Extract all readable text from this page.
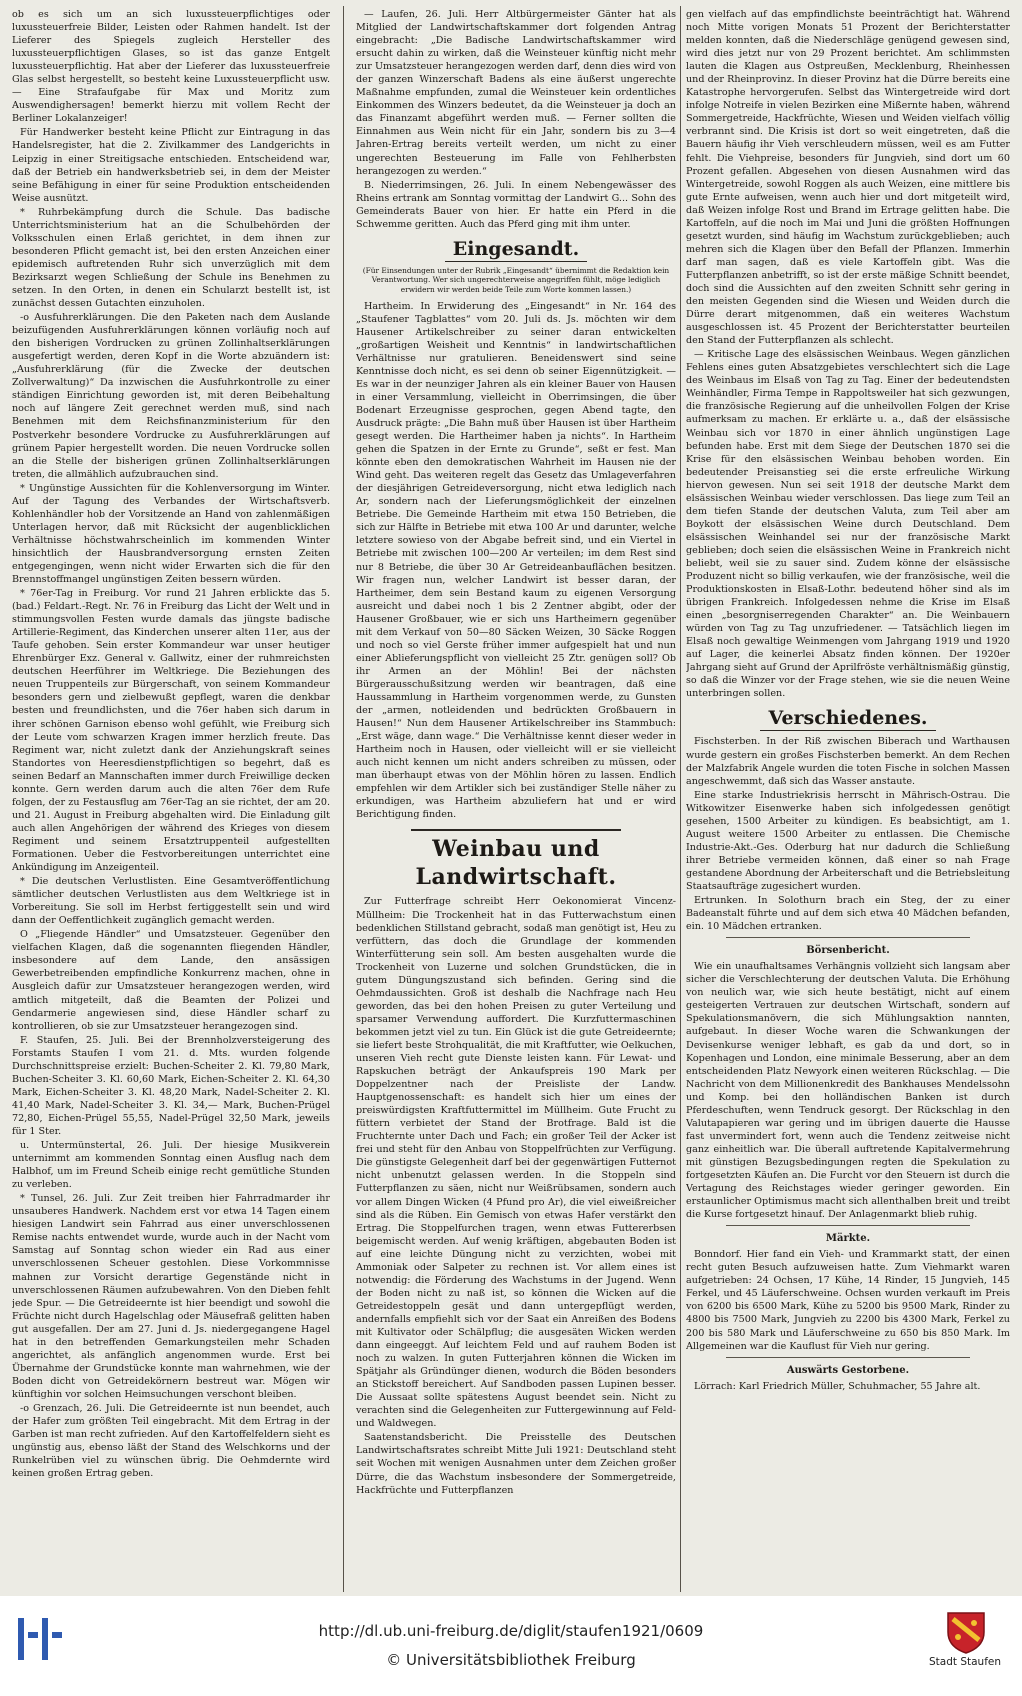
ob es sich um an sich luxussteuerpflichtiges oder luxussteuerfreie Bilder, Leisten oder Rahmen handelt. Ist der Lieferer des Spiegels zugleich Hersteller des luxussteuerpflichtigen Glases, so ist das ganze Entgelt luxussteuerpflichtig. Hat aber der Lieferer das luxussteuerfreie Glas selbst hergestellt, so besteht keine Luxussteuerpflicht usw. — Eine Strafaufgabe für Max und Moritz zum Auswendighersagen! bemerkt hierzu mit vollem Recht der Berliner Lokalanzeiger!

Für Handwerker besteht keine Pflicht zur Eintragung in das Handelsregister, hat die 2. Zivilkammer des Landgerichts in Leipzig in einer Streitigsache entschieden. Entscheidend war, daß der Betrieb ein handwerksbetrieb sei, in dem der Meister seine Befähigung in einer für seine Produktion entscheidenden Weise ausnützt.

* Ruhrbekämpfung durch die Schule. Das badische Unterrichtsministerium hat an die Schulbehörden der Volksschulen einen Erlaß gerichtet, in dem ihnen zur besonderen Pflicht gemacht ist, bei den ersten Anzeichen einer epidemisch auftretenden Ruhr sich unverzüglich mit dem Bezirksarzt wegen Schließung der Schule ins Benehmen zu setzen. In den Orten, in denen ein Schularzt bestellt ist, ist zunächst dessen Gutachten einzuholen.

-o Ausfuhrerklärungen. Die den Paketen nach dem Auslande beizufügenden Ausfuhrerklärungen können vorläufig noch auf den bisherigen Vordrucken zu grünen Zollinhaltserklärungen ausgefertigt werden, deren Kopf in die Worte abzuändern ist: „Ausfuhrerklärung (für die Zwecke der deutschen Zollverwaltung)“ Da inzwischen die Ausfuhrkontrolle zu einer ständigen Einrichtung geworden ist, mit deren Beibehaltung noch auf längere Zeit gerechnet werden muß, sind nach Benehmen mit dem Reichsfinanzministerium für den Postverkehr besondere Vordrucke zu Ausfuhrerklärungen auf grünem Papier hergestellt worden. Die neuen Vordrucke sollen an die Stelle der bisherigen grünen Zollinhaltserklärungen treten, die allmählich aufzubrauchen sind.

* Ungünstige Aussichten für die Kohlenversorgung im Winter. Auf der Tagung des Verbandes der Wirtschaftsverb. Kohlenhändler hob der Vorsitzende an Hand von zahlenmäßigen Unterlagen hervor, daß mit Rücksicht der augenblicklichen Verhältnisse höchstwahrscheinlich im kommenden Winter hinsichtlich der Hausbrandversorgung ernsten Zeiten entgegengingen, wenn nicht wider Erwarten sich die für den Brennstoffmangel ungünstigen Zeiten bessern würden.

* 76er-Tag in Freiburg. Vor rund 21 Jahren erblickte das 5. (bad.) Feldart.-Regt. Nr. 76 in Freiburg das Licht der Welt und in stimmungsvollen Festen wurde damals das jüngste badische Artillerie-Regiment, das Kinderchen unserer alten 11er, aus der Taufe gehoben. Sein erster Kommandeur war unser heutiger Ehrenbürger Exz. General v. Gallwitz, einer der ruhmreichsten deutschen Heerführer im Weltkriege. Die Beziehungen des neuen Truppenteils zur Bürgerschaft, von seinem Kommandeur besonders gern und zielbewußt gepflegt, waren die denkbar besten und freundlichsten, und die 76er haben sich darum in ihrer schönen Garnison ebenso wohl gefühlt, wie Freiburg sich der Leute vom schwarzen Kragen immer herzlich freute. Das Regiment war, nicht zuletzt dank der Anziehungskraft seines Standortes von Heeresdienstpflichtigen so begehrt, daß es seinen Bedarf an Mannschaften immer durch Freiwillige decken konnte. Gern werden darum auch die alten 76er dem Rufe folgen, der zu Festausflug am 76er-Tag an sie richtet, der am 20. und 21. August in Freiburg abgehalten wird. Die Einladung gilt auch allen Angehörigen der während des Krieges von diesem Regiment und seinem Ersatztruppenteil aufgestellten Formationen. Ueber die Festvorbereitungen unterrichtet eine Ankündigung im Anzeigenteil.

* Die deutschen Verlustlisten. Eine Gesamtveröffentlichung sämtlicher deutschen Verlustlisten aus dem Weltkriege ist in Vorbereitung. Sie soll im Herbst fertiggestellt sein und wird dann der Oeffentlichkeit zugänglich gemacht werden.

O „Fliegende Händler“ und Umsatzsteuer. Gegenüber den vielfachen Klagen, daß die sogenannten fliegenden Händler, insbesondere auf dem Lande, den ansässigen Gewerbetreibenden empfindliche Konkurrenz machen, ohne in Ausgleich dafür zur Umsatzsteuer herangezogen werden, wird amtlich mitgeteilt, daß die Beamten der Polizei und Gendarmerie angewiesen sind, diese Händler scharf zu kontrollieren, ob sie zur Umsatzsteuer herangezogen sind.

F. Staufen, 25. Juli. Bei der Brennholzversteigerung des Forstamts Staufen I vom 21. d. Mts. wurden folgende Durchschnittspreise erzielt: Buchen-Scheiter 2. Kl. 79,80 Mark, Buchen-Scheiter 3. Kl. 60,60 Mark, Eichen-Scheiter 2. Kl. 64,30 Mark, Eichen-Scheiter 3. Kl. 48,20 Mark, Nadel-Scheiter 2. Kl. 41,40 Mark, Nadel-Scheiter 3. Kl. 34,— Mark, Buchen-Prügel 72,80, Eichen-Prügel 55,55, Nadel-Prügel 32,50 Mark, jeweils für 1 Ster.

u. Untermünstertal, 26. Juli. Der hiesige Musikverein unternimmt am kommenden Sonntag einen Ausflug nach dem Halbhof, um im Freund Scheib einige recht gemütliche Stunden zu verleben.

* Tunsel, 26. Juli. Zur Zeit treiben hier Fahrradmarder ihr unsauberes Handwerk. Nachdem erst vor etwa 14 Tagen einem hiesigen Landwirt sein Fahrrad aus einer unverschlossenen Remise nachts entwendet wurde, wurde auch in der Nacht vom Samstag auf Sonntag schon wieder ein Rad aus einer unverschlossenen Scheuer gestohlen. Diese Vorkommnisse mahnen zur Vorsicht derartige Gegenstände nicht in unverschlossenen Räumen aufzubewahren. Von den Dieben fehlt jede Spur. — Die Getreideernte ist hier beendigt und sowohl die Früchte nicht durch Hagelschlag oder Mäusefraß gelitten haben gut ausgefallen. Der am 27. Juni d. Js. niedergegangene Hagel hat in den betreffenden Gemarkungsteilen mehr Schaden angerichtet, als anfänglich angenommen wurde. Erst bei Übernahme der Grundstücke konnte man wahrnehmen, wie der Boden dicht von Getreidekörnern bestreut war. Mögen wir künftighin vor solchen Heimsuchungen verschont bleiben.

-o Grenzach, 26. Juli. Die Getreideernte ist nun beendet, auch der Hafer zum größten Teil eingebracht. Mit dem Ertrag in der Garben ist man recht zufrieden. Auf den Kartoffelfeldern sieht es ungünstig aus, ebenso läßt der Stand des Welschkorns und der Runkelrüben viel zu wünschen übrig. Die Oehmdernte wird keinen großen Ertrag geben.

— Laufen, 26. Juli. Herr Altbürgermeister Gänter hat als Mitglied der Landwirtschaftskammer dort folgenden Antrag eingebracht: „Die Badische Landwirtschaftskammer wird ersucht dahin zu wirken, daß die Weinsteuer künftig nicht mehr zur Umsatzsteuer herangezogen werden darf, denn dies wird von der ganzen Winzerschaft Badens als eine äußerst ungerechte Maßnahme empfunden, zumal die Weinsteuer kein ordentliches Einkommen des Winzers bedeutet, da die Weinsteuer ja doch an das Finanzamt abgeführt werden muß. — Ferner sollten die Einnahmen aus Wein nicht für ein Jahr, sondern bis zu 3—4 Jahren-Ertrag bereits verteilt werden, um nicht zu einer ungerechten Besteuerung im Falle von Fehlherbsten herangezogen zu werden.“

B. Niederrimsingen, 26. Juli. In einem Nebengewässer des Rheins ertrank am Sonntag vormittag der Landwirt G... Sohn des Gemeinderats Bauer von hier. Er hatte ein Pferd in die Schwemme geritten. Auch das Pferd ging mit ihm unter.

Eingesandt.
(Für Einsendungen unter der Rubrik „Eingesandt“ übernimmt die Redaktion kein Verantwortung. Wer sich ungerechterweise angegriffen fühlt, möge lediglich erwidern wir werden beide Teile zum Worte kommen lassen.)

Hartheim. In Erwiderung des „Eingesandt“ in Nr. 164 des „Staufener Tagblattes“ vom 20. Juli ds. Js. möchten wir dem Hausener Artikelschreiber zu seiner daran entwickelten „großartigen Weisheit und Kenntnis“ in landwirtschaftlichen Verhältnisse nur gratulieren. Beneidenswert sind seine Kenntnisse doch nicht, es sei denn ob seiner Eigennützigkeit. — Es war in der neunziger Jahren als ein kleiner Bauer von Hausen in einer Versammlung, vielleicht in Oberrimsingen, die über Bodenart Erzeugnisse gesprochen, gegen Abend tagte, den Ausdruck prägte: „Die Bahn muß über Hausen ist über Hartheim gesegt werden. Die Hartheimer haben ja nichts“. In Hartheim gehen die Spatzen in der Ernte zu Grunde“, seßt er fest. Man könnte eben den demokratischen Wahrheit im Hausen nie der Wind geht. Das weiteren regelt das Gesetz das Umlageverfahren der diesjährigen Getreideversorgung, nicht etwa lediglich nach Ar, sondern nach der Lieferungsmöglichkeit der einzelnen Betriebe. Die Gemeinde Hartheim mit etwa 150 Betrieben, die sich zur Hälfte in Betriebe mit etwa 100 Ar und darunter, welche letztere sowieso von der Abgabe befreit sind, und ein Viertel in Betriebe mit zwischen 100—200 Ar verteilen; im dem Rest sind nur 8 Betriebe, die über 30 Ar Getreideanbauflächen besitzen. Wir fragen nun, welcher Landwirt ist besser daran, der Hartheimer, dem sein Bestand kaum zu eigenen Versorgung ausreicht und dabei noch 1 bis 2 Zentner abgibt, oder der Hausener Großbauer, wie er sich uns Hartheimern gegenüber mit dem Verkauf von 50—80 Säcken Weizen, 30 Säcke Roggen und noch so viel Gerste früher immer aufgespielt hat und nun einer Ablieferungspflicht von vielleicht 25 Ztr. genügen soll? Ob ihr Armen an der Möhlin! Bei der nächsten Bürgerausschußsitzung werden wir beantragen, daß eine Haussammlung in Hartheim vorgenommen werde, zu Gunsten der „armen, notleidenden und bedrückten Großbauern in Hausen!“ Nun dem Hausener Artikelschreiber ins Stammbuch: „Erst wäge, dann wage.“ Die Verhältnisse kennt dieser weder in Hartheim noch in Hausen, oder vielleicht will er sie vielleicht auch nicht kennen um nicht anders schreiben zu müssen, oder man überhaupt etwas von der Möhlin hören zu lassen. Endlich empfehlen wir dem Artikler sich bei zuständiger Stelle näher zu erkundigen, was Hartheim abzuliefern hat und er wird Berichtigung finden.

Weinbau und Landwirtschaft.

Zur Futterfrage schreibt Herr Oekonomierat Vincenz-Müllheim: Die Trockenheit hat in das Futterwachstum einen bedenklichen Stillstand gebracht, sodaß man genötigt ist, Heu zu verfüttern, das doch die Grundlage der kommenden Winterfütterung sein soll. Am besten ausgehalten wurde die Trockenheit von Luzerne und solchen Grundstücken, die in gutem Düngungszustand sich befinden. Gering sind die Oehmdaussichten. Groß ist deshalb die Nachfrage nach Heu geworden, das bei den hohen Preisen zu guter Verteilung und sparsamer Verwendung auffordert. Die Kurzfuttermaschinen bekommen jetzt viel zu tun. Ein Glück ist die gute Getreideernte; sie liefert beste Strohqualität, die mit Kraftfutter, wie Oelkuchen, unseren Vieh recht gute Dienste leisten kann. Für Lewat- und Rapskuchen beträgt der Ankaufspreis 190 Mark per Doppelzentner nach der Preisliste der Landw. Hauptgenossenschaft: es handelt sich hier um eines der preiswürdigsten Kraftfuttermittel im Müllheim. Gute Frucht zu füttern verbietet der Stand der Brotfrage. Bald ist die Fruchternte unter Dach und Fach; ein großer Teil der Acker ist frei und steht für den Anbau von Stoppelfrüchten zur Verfügung. Die günstigste Gelegenheit darf bei der gegenwärtigen Futternot nicht unbenutzt gelassen werden. In die Stoppeln sind Futterpflanzen zu säen, nicht nur Weißrübsamen, sondern auch vor allem Dingen Wicken (4 Pfund pro Ar), die viel eiweißreicher sind als die Rüben. Ein Gemisch von etwas Hafer verstärkt den Ertrag. Die Stoppelfurchen tragen, wenn etwas Futtererbsen beigemischt werden. Auf wenig kräftigen, abgebauten Boden ist auf eine leichte Düngung nicht zu verzichten, wobei mit Ammoniak oder Salpeter zu rechnen ist. Vor allem eines ist notwendig: die Förderung des Wachstums in der Jugend. Wenn der Boden nicht zu naß ist, so können die Wicken auf die Getreidestoppeln gesät und dann untergepflügt werden, andernfalls empfiehlt sich vor der Saat ein Anreißen des Bodens mit Kultivator oder Schälpflug; die ausgesäten Wicken werden dann eingeeggt. Auf leichtem Feld und auf rauhem Boden ist noch zu walzen. In guten Futterjahren können die Wicken im Spätjahr als Gründünger dienen, wodurch die Böden besonders an Stickstoff bereichert. Auf Sandboden passen Lupinen besser. Die Aussaat sollte spätestens August beendet sein. Nicht zu verachten sind die Gelegenheiten zur Futtergewinnung auf Feld- und Waldwegen.

Saatenstandsbericht. Die Preisstelle des Deutschen Landwirtschaftsrates schreibt Mitte Juli 1921: Deutschland steht seit Wochen mit wenigen Ausnahmen unter dem Zeichen großer Dürre, die das Wachstum insbesondere der Sommergetreide, Hackfrüchte und Futterpflanzen

gen vielfach auf das empfindlichste beeinträchtigt hat. Während noch Mitte vorigen Monats 51 Prozent der Berichterstatter melden konnten, daß die Niederschläge genügend gewesen sind, wird dies jetzt nur von 29 Prozent berichtet. Am schlimmsten lauten die Klagen aus Ostpreußen, Mecklenburg, Rheinhessen und der Rheinprovinz. In dieser Provinz hat die Dürre bereits eine Katastrophe hervorgerufen. Selbst das Wintergetreide wird dort infolge Notreife in vielen Bezirken eine Mißernte haben, während Sommergetreide, Hackfrüchte, Wiesen und Weiden vielfach völlig verbrannt sind. Die Krisis ist dort so weit eingetreten, daß die Bauern häufig ihr Vieh verschleudern müssen, weil es am Futter fehlt. Die Viehpreise, besonders für Jungvieh, sind dort um 60 Prozent gefallen. Abgesehen von diesen Ausnahmen wird das Wintergetreide, sowohl Roggen als auch Weizen, eine mittlere bis gute Ernte aufweisen, wenn auch hier und dort mitgeteilt wird, daß Weizen infolge Rost und Brand im Ertrage gelitten habe. Die Kartoffeln, auf die noch im Mai und Juni die größten Hoffnungen gesetzt wurden, sind häufig im Wachstum zurückgeblieben; auch mehren sich die Klagen über den Befall der Pflanzen. Immerhin darf man sagen, daß es viele Kartoffeln gibt. Was die Futterpflanzen anbetrifft, so ist der erste mäßige Schnitt beendet, doch sind die Aussichten auf den zweiten Schnitt sehr gering in den meisten Gegenden sind die Wiesen und Weiden durch die Dürre derart mitgenommen, daß ein weiteres Wachstum ausgeschlossen ist. 45 Prozent der Berichterstatter beurteilen den Stand der Futterpflanzen als schlecht.

— Kritische Lage des elsässischen Weinbaus. Wegen gänzlichen Fehlens eines guten Absatzgebietes verschlechtert sich die Lage des Weinbaus im Elsaß von Tag zu Tag. Einer der bedeutendsten Weinhändler, Firma Tempe in Rappoltsweiler hat sich gezwungen, die französische Regierung auf die unheilvollen Folgen der Krise aufmerksam zu machen. Er erklärte u. a., daß der elsässische Weinbau sich vor 1870 in einer ähnlich ungünstigen Lage befunden habe. Erst mit dem Siege der Deutschen 1870 sei die Krise für den elsässischen Weinbau behoben worden. Ein bedeutender Preisanstieg sei die erste erfreuliche Wirkung hiervon gewesen. Nun sei seit 1918 der deutsche Markt dem elsässischen Weinbau wieder verschlossen. Das liege zum Teil an dem tiefen Stande der deutschen Valuta, zum Teil aber am Boykott der elsässischen Weine durch Deutschland. Dem elsässischen Weinhandel sei nur der französische Markt geblieben; doch seien die elsässischen Weine in Frankreich nicht beliebt, weil sie zu sauer sind. Zudem könne der elsässische Produzent nicht so billig verkaufen, wie der französische, weil die Produktionskosten in Elsaß-Lothr. bedeutend höher sind als im übrigen Frankreich. Infolgedessen nehme die Krise im Elsaß einen „besorgniserregenden Charakter“ an. Die Weinbauern würden von Tag zu Tag unzufriedener. — Tatsächlich liegen im Elsaß noch gewaltige Weinmengen vom Jahrgang 1919 und 1920 auf Lager, die keinerlei Absatz finden können. Der 1920er Jahrgang sieht auf Grund der Aprilfröste verhältnismäßig günstig, so daß die Winzer vor der Frage stehen, wie sie die neuen Weine unterbringen sollen.

Verschiedenes.

Fischsterben. In der Riß zwischen Biberach und Warthausen wurde gestern ein großes Fischsterben bemerkt. An dem Rechen der Malzfabrik Angele wurden die toten Fische in solchen Massen angeschwemmt, daß sich das Wasser anstaute.

Eine starke Industriekrisis herrscht in Mährisch-Ostrau. Die Witkowitzer Eisenwerke haben sich infolgedessen genötigt gesehen, 1500 Arbeiter zu kündigen. Es beabsichtigt, am 1. August weitere 1500 Arbeiter zu entlassen. Die Chemische Industrie-Akt.-Ges. Oderburg hat nur dadurch die Schließung ihrer Betriebe vermeiden können, daß einer so nah Frage gestandene Abordnung der Arbeiterschaft und die Betriebsleitung Staatsaufträge zugesichert wurden.

Ertrunken. In Solothurn brach ein Steg, der zu einer Badeanstalt führte und auf dem sich etwa 40 Mädchen befanden, ein. 10 Mädchen ertranken.

Börsenbericht.

Wie ein unaufhaltsames Verhängnis vollzieht sich langsam aber sicher die Verschlechterung der deutschen Valuta. Die Erhöhung von neulich war, wie sich heute bestätigt, nicht auf einem gesteigerten Vertrauen zur deutschen Wirtschaft, sondern auf Spekulationsmanövern, die sich Mühlungsaktion nannten, aufgebaut. In dieser Woche waren die Schwankungen der Devisenkurse weniger lebhaft, es gab da und dort, so in Kopenhagen und London, eine minimale Besserung, aber an dem entscheidenden Platz Newyork einen weiteren Rückschlag. — Die Nachricht von dem Millionenkredit des Bankhauses Mendelssohn und Komp. bei den holländischen Banken ist durch Pferdeschuften, wenn Tendruck gesorgt. Der Rückschlag in den Valutapapieren war gering und im übrigen dauerte die Hausse fast unvermindert fort, wenn auch die Tendenz zeitweise nicht ganz einheitlich war. Die überall auftretende Kapitalvermehrung mit günstigen Bezugsbedingungen regten die Spekulation zu fortgesetzten Käufen an. Die Furcht vor den Steuern ist durch die Vertagung des Reichstages wieder geringer geworden. Ein erstaunlicher Optimismus macht sich allenthalben breit und treibt die Kurse fortgesetzt hinauf. Der Anlagenmarkt blieb ruhig.

Märkte.

Bonndorf. Hier fand ein Vieh- und Krammarkt statt, der einen recht guten Besuch aufzuweisen hatte. Zum Viehmarkt waren aufgetrieben: 24 Ochsen, 17 Kühe, 14 Rinder, 15 Jungvieh, 145 Ferkel, und 45 Läuferschweine. Ochsen wurden verkauft im Preis von 6200 bis 6500 Mark, Kühe zu 5200 bis 9500 Mark, Rinder zu 4800 bis 7500 Mark, Jungvieh zu 2200 bis 4300 Mark, Ferkel zu 200 bis 580 Mark und Läuferschweine zu 650 bis 850 Mark. Im Allgemeinen war die Kauflust für Vieh nur gering.

Auswärts Gestorbene.

Lörrach: Karl Friedrich Müller, Schuhmacher, 55 Jahre alt.

http://dl.ub.uni-freiburg.de/diglit/staufen1921/0609
© Universitätsbibliothek Freiburg	Stadt Staufen
